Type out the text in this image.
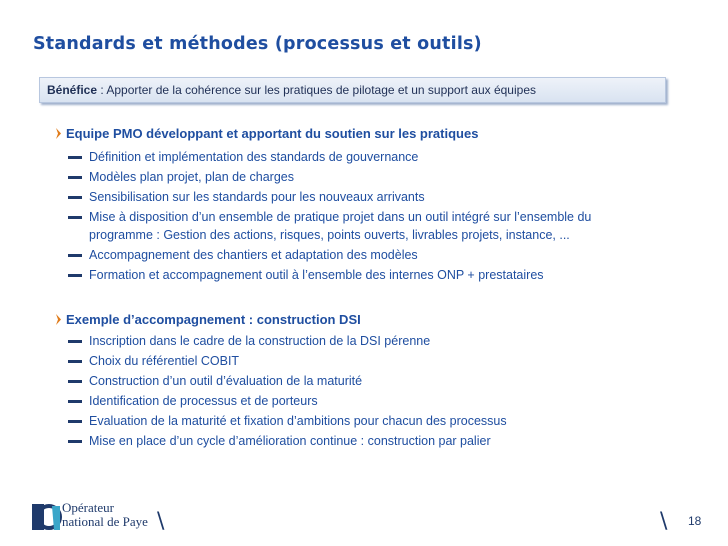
Standards et méthodes (processus et outils)
Bénéfice : Apporter de la cohérence sur les pratiques de pilotage et un support aux équipes
Equipe PMO développant et apportant du soutien sur les pratiques
Définition et implémentation des standards de gouvernance
Modèles plan projet, plan de charges
Sensibilisation sur les standards pour les nouveaux arrivants
Mise à disposition d’un ensemble de pratique projet dans un outil intégré sur l’ensemble du
programme : Gestion des actions, risques, points ouverts, livrables projets, instance, ...
Accompagnement des chantiers et adaptation des modèles
Formation et accompagnement outil à l’ensemble des internes ONP + prestataires
Exemple d’accompagnement : construction DSI
Inscription dans le cadre de la construction de la DSI pérenne
Choix du référentiel COBIT
Construction d’un outil d’évaluation de la maturité
Identification de processus et de porteurs
Evaluation de la maturité et fixation d’ambitions pour chacun des processus
Mise en place d’un cycle d’amélioration continue : construction par palier
Opérateur
national de Paye \	\ 18
